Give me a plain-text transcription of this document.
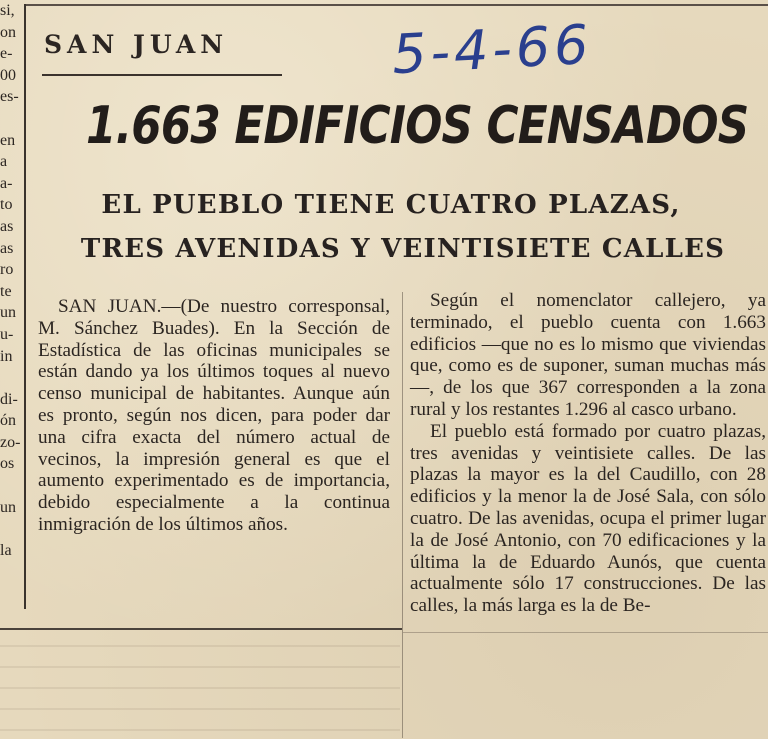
si,
on
e-
00
es-
en
a
a-
to
as
as
ro
te
un
u-
in
di-
ón
zo-
os
un
la
SAN JUAN	5-4-66
1.663 EDIFICIOS CENSADOS
EL PUEBLO TIENE CUATRO PLAZAS,
TRES AVENIDAS Y VEINTISIETE CALLES

SAN JUAN.—(De nuestro corresponsal, M. Sánchez Buades). En la Sección de Estadística de las oficinas municipales se están dando ya los últimos toques al nuevo censo municipal de habitantes. Aunque aún es pronto, según nos dicen, para poder dar una cifra exacta del número actual de vecinos, la impresión general es que el aumento experimentado es de importancia, debido especialmente a la continua inmigración de los últimos años.

Según el nomenclator callejero, ya terminado, el pueblo cuenta con 1.663 edificios —que no es lo mismo que viviendas que, como es de suponer, suman muchas más—, de los que 367 corresponden a la zona rural y los restantes 1.296 al casco urbano.

El pueblo está formado por cuatro plazas, tres avenidas y veintisiete calles. De las plazas la mayor es la del Caudillo, con 28 edificios y la menor la de José Sala, con sólo cuatro. De las avenidas, ocupa el primer lugar la de José Antonio, con 70 edificaciones y la última la de Eduardo Aunós, que cuenta actualmente sólo 17 construcciones. De las calles, la más larga es la de Be-
